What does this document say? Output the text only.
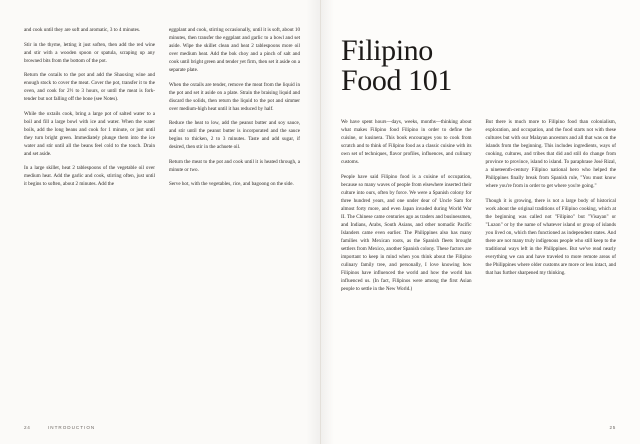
and cook until they are soft and aromatic, 3 to 4 minutes.

Stir in the thyme, letting it just soften, then add the red wine and stir with a wooden spoon or spatula, scraping up any browned bits from the bottom of the pot.

Return the oxtails to the pot and add the Shaoxing wine and enough stock to cover the meat. Cover the pot, transfer it to the oven, and cook for 2½ to 3 hours, or until the meat is fork-tender but not falling off the bone (see Notes).

While the oxtails cook, bring a large pot of salted water to a boil and fill a large bowl with ice and water. When the water boils, add the long beans and cook for 1 minute, or just until they turn bright green. Immediately plunge them into the ice water and stir until all the beans feel cold to the touch. Drain and set aside.

In a large skillet, heat 2 tablespoons of the vegetable oil over medium heat. Add the garlic and cook, stirring often, just until it begins to soften, about 2 minutes. Add the

eggplant and cook, stirring occasionally, until it is soft, about 10 minutes, then transfer the eggplant and garlic to a bowl and set aside. Wipe the skillet clean and heat 2 tablespoons more oil over medium heat. Add the bok choy and a pinch of salt and cook until bright green and tender yet firm, then set it aside on a separate plate.

When the oxtails are tender, remove the meat from the liquid in the pot and set it aside on a plate. Strain the braising liquid and discard the solids, then return the liquid to the pot and simmer over medium-high heat until it has reduced by half.

Reduce the heat to low, add the peanut butter and soy sauce, and stir until the peanut butter is incorporated and the sauce begins to thicken, 2 to 3 minutes. Taste and add sugar, if desired, then stir in the achuete oil.

Return the meat to the pot and cook until it is heated through, a minute or two.

Serve hot, with the vegetables, rice, and bagoong on the side.

24	INTRODUCTION
Filipino
Food 101

We have spent hours—days, weeks, months—thinking about what makes Filipino food Filipino in order to define the cuisine, or kusinera. This book encourages you to cook from scratch and to think of Filipino food as a classic cuisine with its own set of techniques, flavor profiles, influences, and culinary customs.

People have said Filipino food is a cuisine of occupation, because so many waves of people from elsewhere inserted their culture into ours, often by force. We were a Spanish colony for three hundred years, and one under dear ol' Uncle Sam for almost forty more, and even Japan invaded during World War II. The Chinese came centuries ago as traders and businessmen, and Indians, Arabs, South Asians, and other nomadic Pacific Islanders came even earlier. The Philippines also has many families with Mexican roots, as the Spanish fleets brought settlers from Mexico, another Spanish colony. These factors are important to keep in mind when you think about the Filipino culinary family tree, and personally, I love knowing how Filipinos have influenced the world and how the world has influenced us. (In fact, Filipinos were among the first Asian people to settle in the New World.)

But there is much more to Filipino food than colonialism, exploration, and occupation, and the food starts not with these cultures but with our Malayan ancestors and all that was on the islands from the beginning. This includes ingredients, ways of cooking, cultures, and tribes that did and still do change from province to province, island to island. To paraphrase José Rizal, a nineteenth-century Filipino national hero who helped the Philippines finally break from Spanish rule, "You must know where you're from in order to get where you're going."

Though it is growing, there is not a large body of historical work about the original traditions of Filipino cooking, which at the beginning was called not "Filipino" but "Visayan" or "Luzon" or by the name of whatever island or group of islands you lived on, which then functioned as independent states. And there are not many truly indigenous people who still keep to the traditional ways left in the Philippines. But we've read nearly everything we can and have traveled to more remote areas of the Philippines where older customs are more or less intact, and that has further sharpened my thinking.

25
